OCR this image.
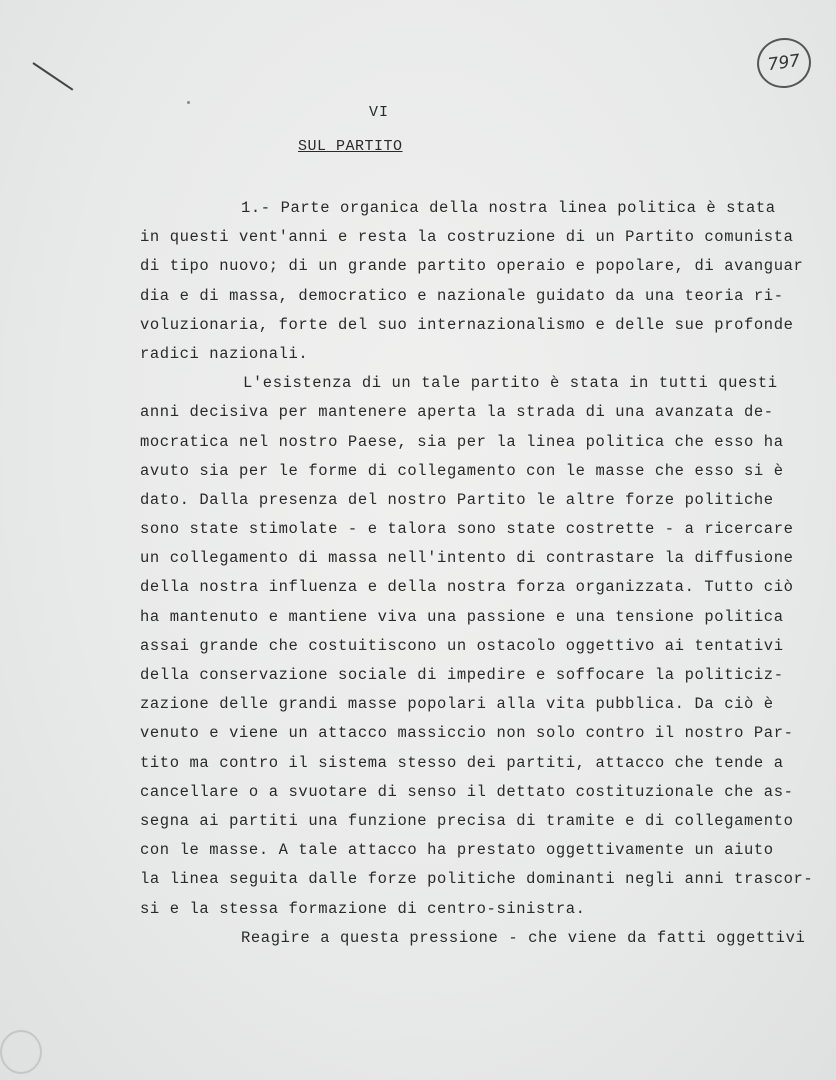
797
VI
SUL PARTITO
1.- Parte organica della nostra linea politica è stata
in questi vent'anni e resta la costruzione di un Partito comunista
di tipo nuovo; di un grande partito operaio e popolare, di avanguar
dia e di massa, democratico e nazionale guidato da una teoria ri-
voluzionaria, forte del suo internazionalismo e delle sue profonde
radici nazionali.
L'esistenza di un tale partito è stata in tutti questi
anni decisiva per mantenere aperta la strada di una avanzata de-
mocratica nel nostro Paese, sia per la linea politica che esso ha
avuto sia per le forme di collegamento con le masse che esso si è
dato. Dalla presenza del nostro Partito le altre forze politiche
sono state stimolate - e talora sono state costrette - a ricercare
un collegamento di massa nell'intento di contrastare la diffusione
della nostra influenza e della nostra forza organizzata. Tutto ciò
ha mantenuto e mantiene viva una passione e una tensione politica
assai grande che costuitiscono un ostacolo oggettivo ai tentativi
della conservazione sociale di impedire e soffocare la politiciz-
zazione delle grandi masse popolari alla vita pubblica. Da ciò è
venuto e viene un attacco massiccio non solo contro il nostro Par-
tito ma contro il sistema stesso dei partiti, attacco che tende a
cancellare o a svuotare di senso il dettato costituzionale che as-
segna ai partiti una funzione precisa di tramite e di collegamento
con le masse. A tale attacco ha prestato oggettivamente un aiuto
la linea seguita dalle forze politiche dominanti negli anni trascor-
si e la stessa formazione di centro-sinistra.
Reagire a questa pressione - che viene da fatti oggettivi
